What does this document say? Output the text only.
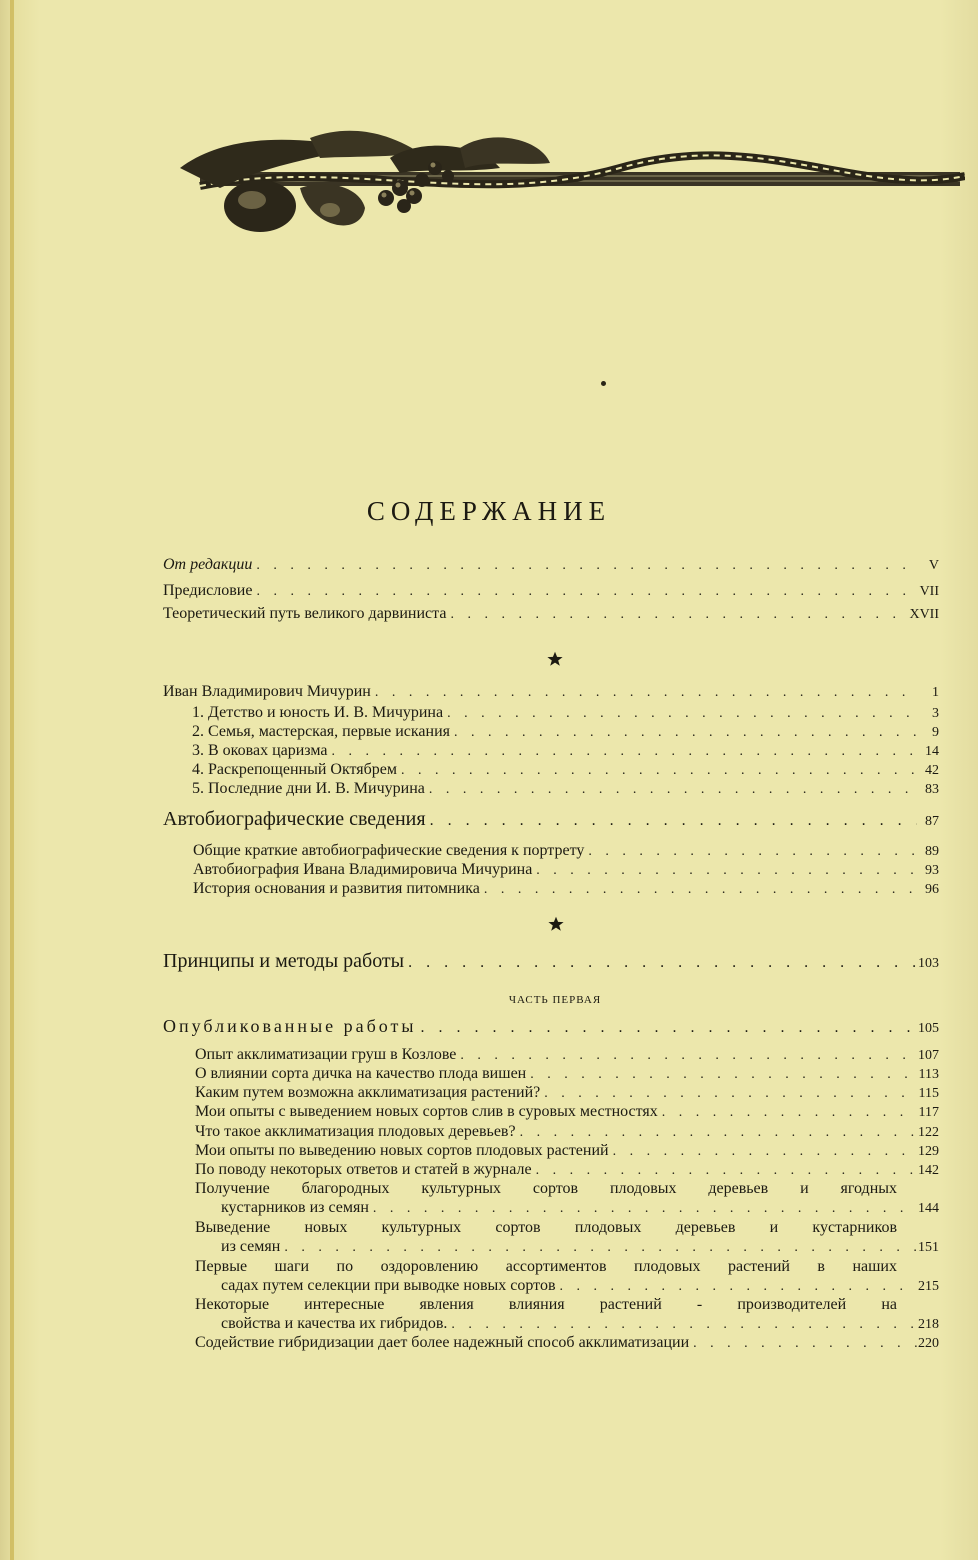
СОДЕРЖАНИЕ
От редакции . . .	V
Предисловие . . .	VII
Теоретический путь великого дарвиниста . . .	XVII
Иван Владимирович Мичурин . . .	1
1. Детство и юность И. В. Мичурина . . .	3
2. Семья, мастерская, первые искания . . .	9
3. В оковах царизма . . .	14
4. Раскрепощенный Октябрем . . .	42
5. Последние дни И. В. Мичурина . . .	83
Автобиографические сведения . . .	87
Общие краткие автобиографические сведения к портрету . . .	89
Автобиография Ивана Владимировича Мичурина . . .	93
История основания и развития питомника . . .	96
Принципы и методы работы . . .	103
ЧАСТЬ ПЕРВАЯ
Опубликованные работы . . .	105
Опыт акклиматизации груш в Козлове . . .	107
О влиянии сорта дичка на качество плода вишен . . .	113
Каким путем возможна акклиматизация растений? . . .	115
Мои опыты с выведением новых сортов слив в суровых местностях . . .	117
Что такое акклиматизация плодовых деревьев? . . .	122
Мои опыты по выведению новых сортов плодовых растений . . .	129
По поводу некоторых ответов и статей в журнале . . .	142
Получение благородных культурных сортов плодовых деревьев и ягодных
кустарников из семян . . .	144
Выведение новых культурных сортов плодовых деревьев и кустарников
из семян . . .	151
Первые шаги по оздоровлению ассортиментов плодовых растений в наших
садах путем селекции при выводке новых сортов . . .	215
Некоторые интересные явления влияния растений - производителей на
свойства и качества их гибридов. . . .	218
Содействие гибридизации дает более надежный способ акклиматизации . . .	220
